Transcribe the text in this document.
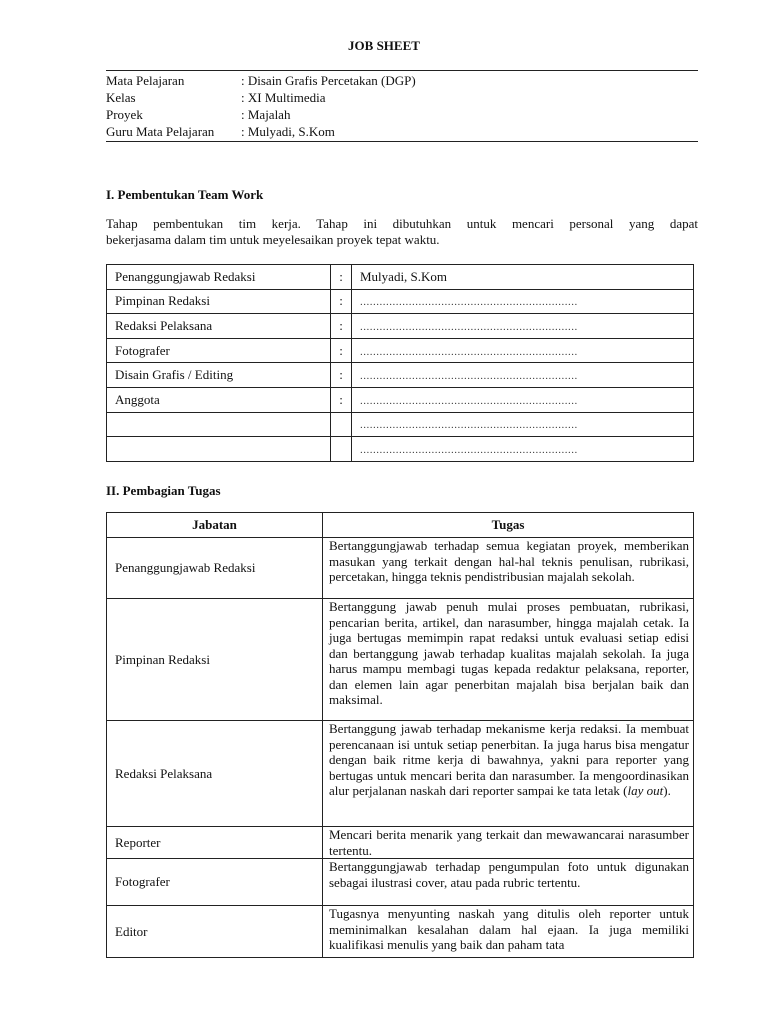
JOB SHEET
Mata Pelajaran	: Disain Grafis Percetakan (DGP)
Kelas	: XI Multimedia
Proyek	: Majalah
Guru Mata Pelajaran	: Mulyadi, S.Kom
I. Pembentukan Team Work
Tahap pembentukan tim kerja. Tahap ini dibutuhkan untuk mencari personal yang dapat
bekerjasama dalam tim untuk meyelesaikan proyek tepat waktu.
Penanggungjawab Redaksi	:	Mulyadi, S.Kom
Pimpinan Redaksi	:	...................................................................
Redaksi Pelaksana	:	...................................................................
Fotografer	:	...................................................................
Disain Grafis / Editing	:	...................................................................
Anggota	:	...................................................................
		...................................................................
		...................................................................
II. Pembagian Tugas
Jabatan	Tugas
Penanggungjawab Redaksi	Bertanggungjawab terhadap semua kegiatan proyek, memberikan masukan yang terkait dengan hal-hal teknis penulisan, rubrikasi, percetakan, hingga teknis pendistribusian majalah sekolah.
Pimpinan Redaksi	Bertanggung jawab penuh mulai proses pembuatan, rubrikasi, pencarian berita, artikel, dan narasumber, hingga majalah cetak. Ia juga bertugas memimpin rapat redaksi untuk evaluasi setiap edisi dan bertanggung jawab terhadap kualitas majalah sekolah. Ia juga harus mampu membagi tugas kepada redaktur pelaksana, reporter, dan elemen lain agar penerbitan majalah bisa berjalan baik dan maksimal.
Redaksi Pelaksana	Bertanggung jawab terhadap mekanisme kerja redaksi. Ia membuat perencanaan isi untuk setiap penerbitan. Ia juga harus bisa mengatur dengan baik ritme kerja di bawahnya, yakni para reporter yang bertugas untuk mencari berita dan narasumber. Ia mengoordinasikan alur perjalanan naskah dari reporter sampai ke tata letak (lay out).
Reporter	Mencari berita menarik yang terkait dan mewawancarai narasumber tertentu.
Fotografer	Bertanggungjawab terhadap pengumpulan foto untuk digunakan sebagai ilustrasi cover, atau pada rubric tertentu.
Editor	Tugasnya menyunting naskah yang ditulis oleh reporter untuk meminimalkan kesalahan dalam hal ejaan. Ia juga memiliki kualifikasi menulis yang baik dan paham tata
